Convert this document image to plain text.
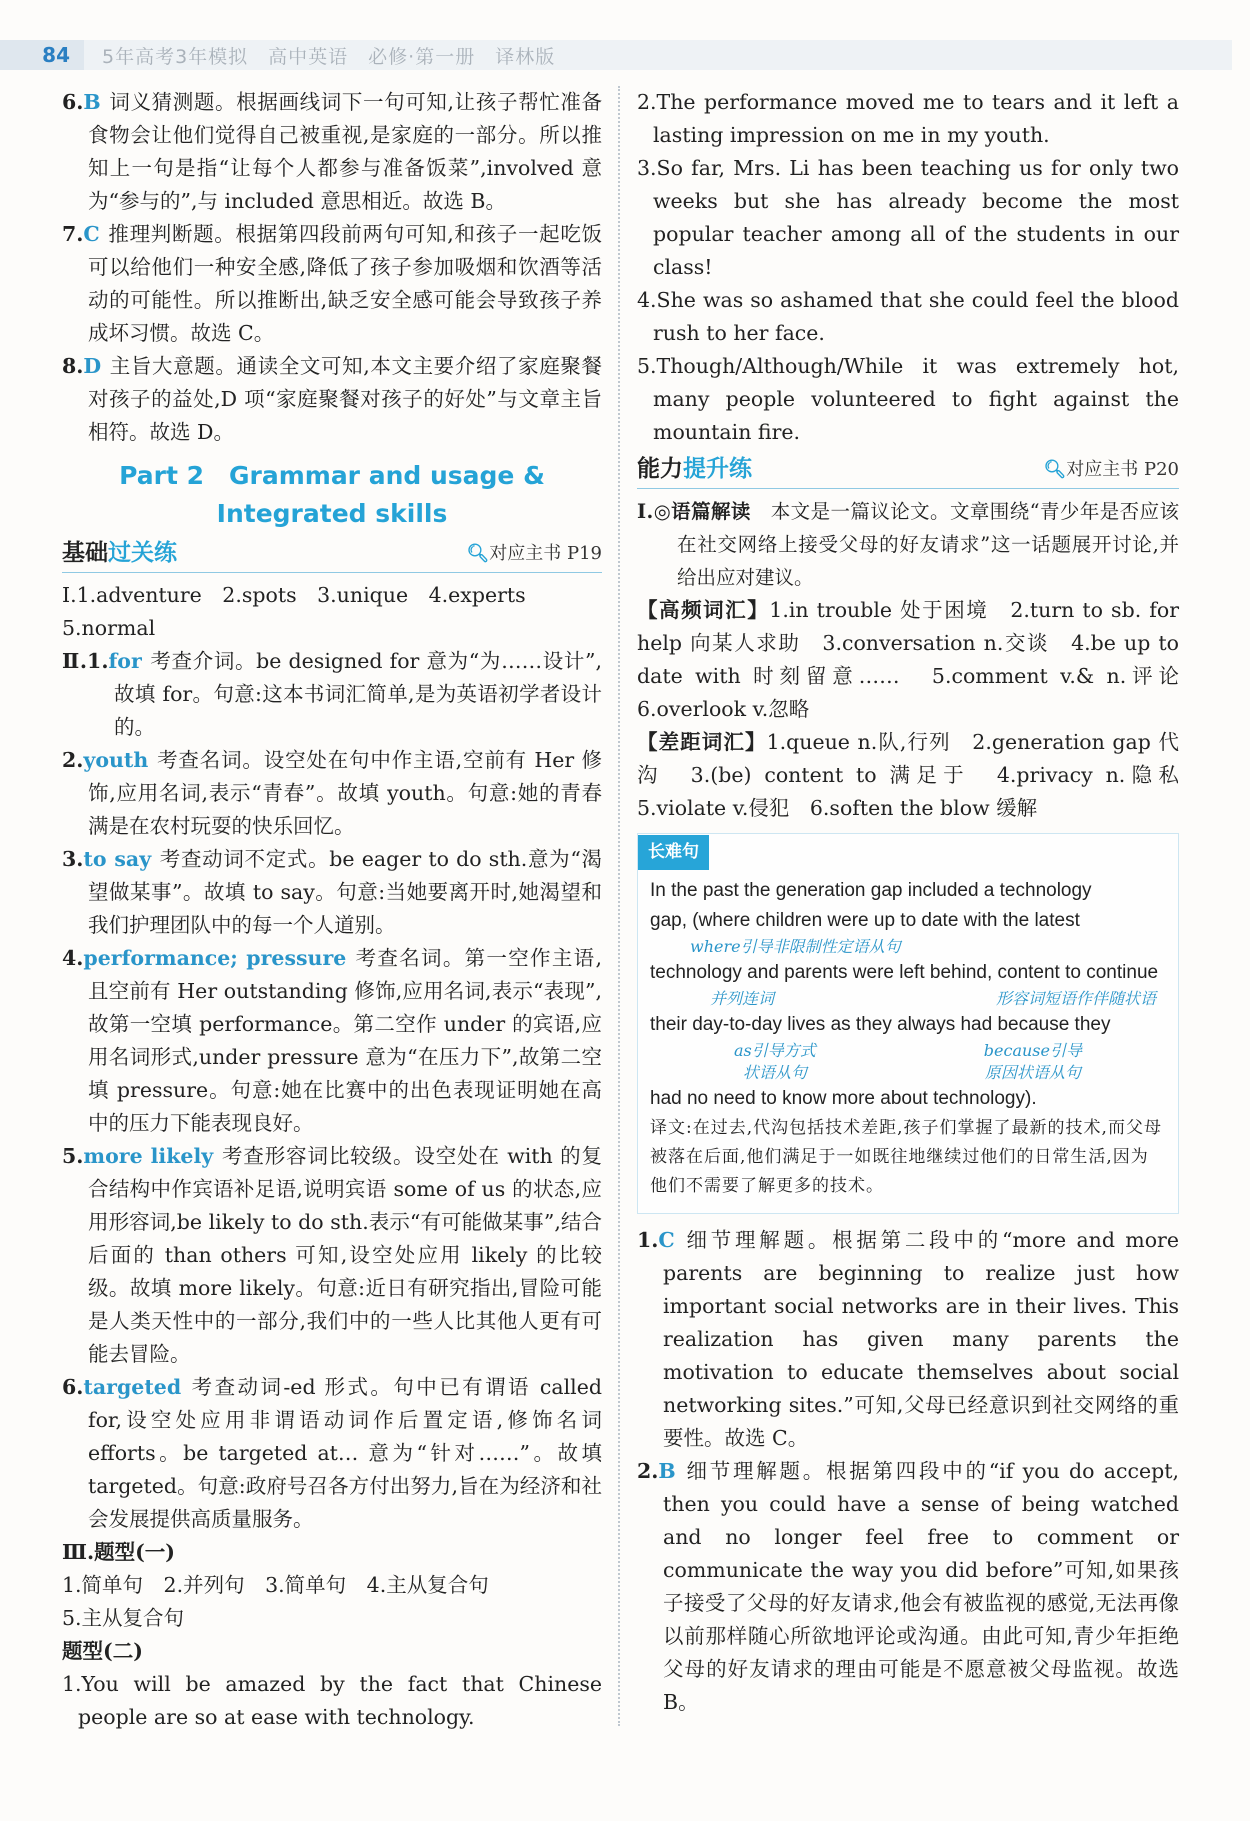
84	5年高考3年模拟　高中英语　必修·第一册　译林版
6.B 词义猜测题。根据画线词下一句可知,让孩子帮忙准备食物会让他们觉得自己被重视,是家庭的一部分。所以推知上一句是指“让每个人都参与准备饭菜”,involved 意为“参与的”,与 included 意思相近。故选 B。
7.C 推理判断题。根据第四段前两句可知,和孩子一起吃饭可以给他们一种安全感,降低了孩子参加吸烟和饮酒等活动的可能性。所以推断出,缺乏安全感可能会导致孩子养成坏习惯。故选 C。
8.D 主旨大意题。通读全文可知,本文主要介绍了家庭聚餐对孩子的益处,D 项“家庭聚餐对孩子的好处”与文章主旨相符。故选 D。
Part 2　Grammar and usage &
Integrated skills
基础过关练	🔍︎对应主书 P19
Ⅰ.1.adventure　2.spots　3.unique　4.experts　5.normal
Ⅱ.1.for 考查介词。be designed for 意为“为……设计”,故填 for。句意:这本书词汇简单,是为英语初学者设计的。
2.youth 考查名词。设空处在句中作主语,空前有 Her 修饰,应用名词,表示“青春”。故填 youth。句意:她的青春满是在农村玩耍的快乐回忆。
3.to say 考查动词不定式。be eager to do sth.意为“渴望做某事”。故填 to say。句意:当她要离开时,她渴望和我们护理团队中的每一个人道别。
4.performance; pressure 考查名词。第一空作主语,且空前有 Her outstanding 修饰,应用名词,表示“表现”,故第一空填 performance。第二空作 under 的宾语,应用名词形式,under pressure 意为“在压力下”,故第二空填 pressure。句意:她在比赛中的出色表现证明她在高中的压力下能表现良好。
5.more likely 考查形容词比较级。设空处在 with 的复合结构中作宾语补足语,说明宾语 some of us 的状态,应用形容词,be likely to do sth.表示“有可能做某事”,结合后面的 than others 可知,设空处应用 likely 的比较级。故填 more likely。句意:近日有研究指出,冒险可能是人类天性中的一部分,我们中的一些人比其他人更有可能去冒险。
6.targeted 考查动词-ed 形式。句中已有谓语 called for,设空处应用非谓语动词作后置定语,修饰名词 efforts。be targeted at… 意为“针对……”。故填 targeted。句意:政府号召各方付出努力,旨在为经济和社会发展提供高质量服务。
Ⅲ.题型(一)
1.简单句　2.并列句　3.简单句　4.主从复合句
5.主从复合句
题型(二)
1.You will be amazed by the fact that Chinese people are so at ease with technology.
2.The performance moved me to tears and it left a lasting impression on me in my youth.
3.So far, Mrs. Li has been teaching us for only two weeks but she has already become the most popular teacher among all of the students in our class!
4.She was so ashamed that she could feel the blood rush to her face.
5.Though/Although/While it was extremely hot, many people volunteered to fight against the mountain fire.
能力提升练	🔍︎对应主书 P20
Ⅰ.◎语篇解读　 本文是一篇议论文。文章围绕“青少年是否应该在社交网络上接受父母的好友请求”这一话题展开讨论,并给出应对建议。
【高频词汇】1.in trouble 处于困境　2.turn to sb. for help 向某人求助　3.conversation n.交谈　4.be up to date with 时刻留意……　5.comment v.& n.评论　6.overlook v.忽略
【差距词汇】1.queue n.队,行列　2.generation gap 代沟　3.(be) content to 满足于　4.privacy n.隐私　5.violate v.侵犯　6.soften the blow 缓解
长难句
In the past the generation gap included a technology
gap, (where children were up to date with the latest
where引导非限制性定语从句
technology and parents were left behind, content to continue
并列连词	形容词短语作伴随状语
their day-to-day lives as they always had because they
as引导方式
状语从句
because引导
原因状语从句
had no need to know more about technology).
译文:在过去,代沟包括技术差距,孩子们掌握了最新的技术,而父母被落在后面,他们满足于一如既往地继续过他们的日常生活,因为他们不需要了解更多的技术。
1.C 细节理解题。根据第二段中的“more and more parents are beginning to realize just how important social networks are in their lives. This realization has given many parents the motivation to educate themselves about social networking sites.”可知,父母已经意识到社交网络的重要性。故选 C。
2.B 细节理解题。根据第四段中的“if you do accept, then you could have a sense of being watched and no longer feel free to comment or communicate the way you did before”可知,如果孩子接受了父母的好友请求,他会有被监视的感觉,无法再像以前那样随心所欲地评论或沟通。由此可知,青少年拒绝父母的好友请求的理由可能是不愿意被父母监视。故选 B。
